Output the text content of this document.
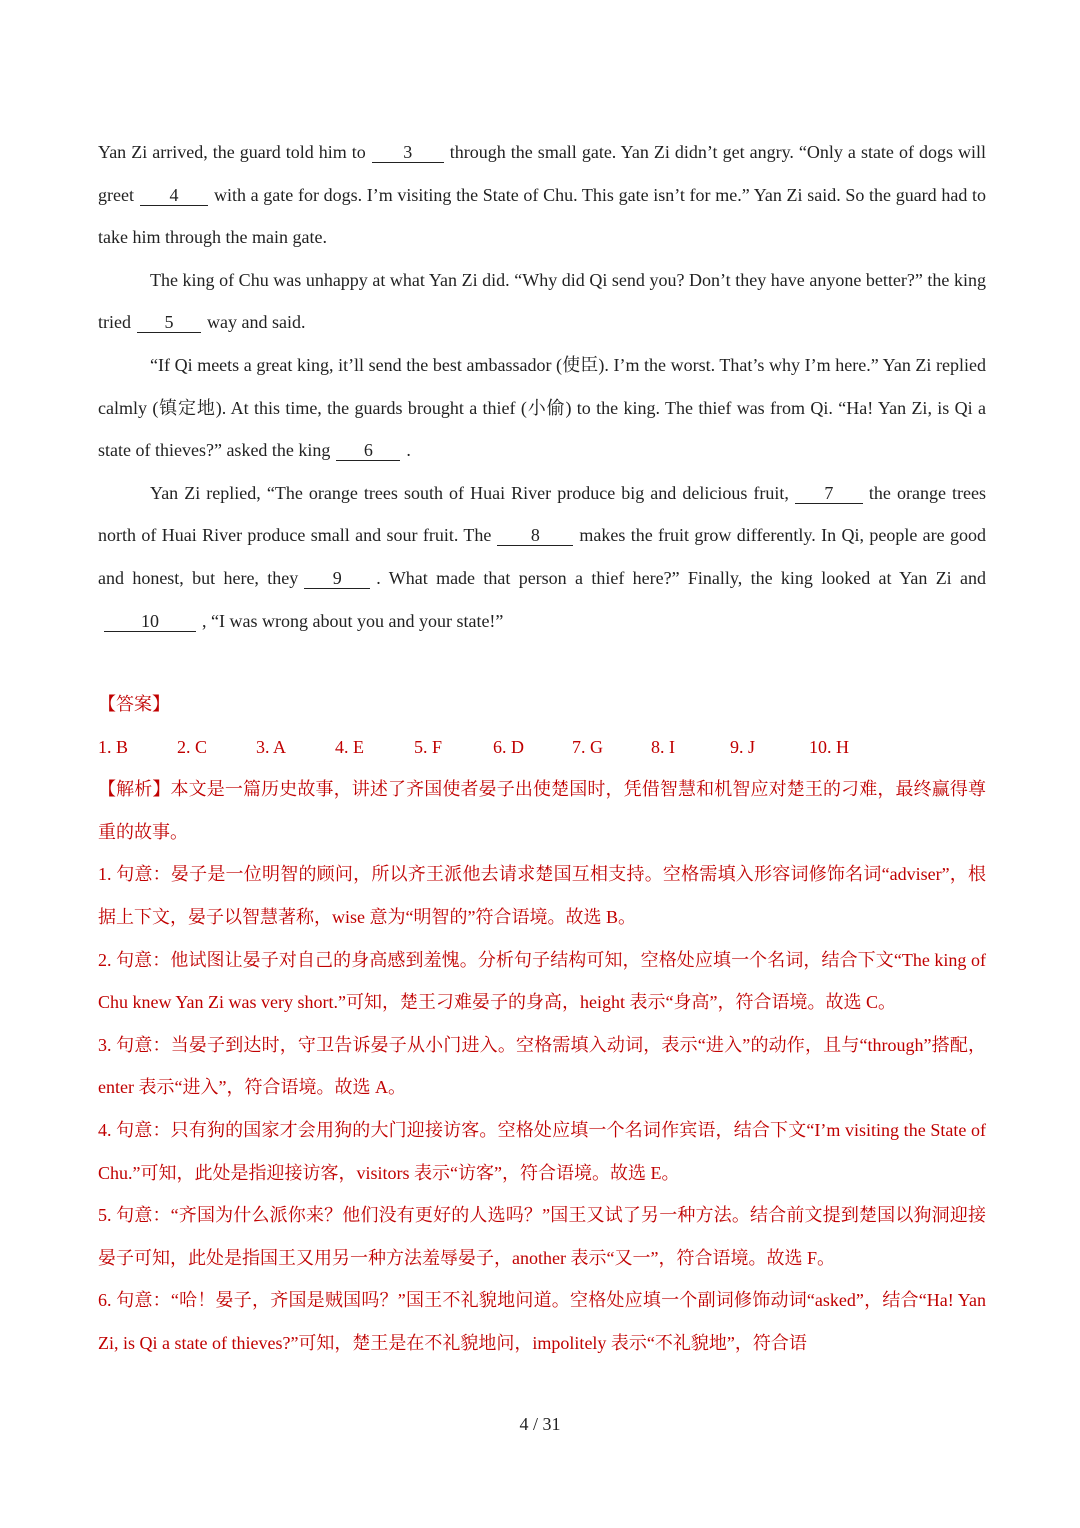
Yan Zi arrived, the guard told him to 3 through the small gate. Yan Zi didn’t get angry. “Only a state of dogs will greet 4 with a gate for dogs. I’m visiting the State of Chu. This gate isn’t for me.” Yan Zi said. So the guard had to take him through the main gate.

The king of Chu was unhappy at what Yan Zi did. “Why did Qi send you? Don’t they have anyone better?” the king tried 5 way and said.

“If Qi meets a great king, it’ll send the best ambassador (使臣). I’m the worst. That’s why I’m here.” Yan Zi replied calmly (镇定地). At this time, the guards brought a thief (小偷) to the king. The thief was from Qi. “Ha! Yan Zi, is Qi a state of thieves?” asked the king 6 .

Yan Zi replied, “The orange trees south of Huai River produce big and delicious fruit, 7 the orange trees north of Huai River produce small and sour fruit. The 8 makes the fruit grow differently. In Qi, people are good and honest, but here, they 9 . What made that person a thief here?” Finally, the king looked at Yan Zi and10 , “I was wrong about you and your state!”

【答案】

1. B	2. C	3. A	4. E	5. F	6. D	7. G	8. I	9. J	10. H

【解析】本文是一篇历史故事，讲述了齐国使者晏子出使楚国时，凭借智慧和机智应对楚王的刁难，最终赢得尊重的故事。

1. 句意：晏子是一位明智的顾问，所以齐王派他去请求楚国互相支持。空格需填入形容词修饰名词“adviser”，根据上下文，晏子以智慧著称，wise 意为“明智的”符合语境。故选 B。

2. 句意：他试图让晏子对自己的身高感到羞愧。分析句子结构可知，空格处应填一个名词，结合下文“The king of Chu knew Yan Zi was very short.”可知，楚王刁难晏子的身高，height 表示“身高”，符合语境。故选 C。

3. 句意：当晏子到达时，守卫告诉晏子从小门进入。空格需填入动词，表示“进入”的动作，且与“through”搭配，enter 表示“进入”，符合语境。故选 A。

4. 句意：只有狗的国家才会用狗的大门迎接访客。空格处应填一个名词作宾语，结合下文“I’m visiting the State of Chu.”可知，此处是指迎接访客，visitors 表示“访客”，符合语境。故选 E。

5. 句意：“齐国为什么派你来？他们没有更好的人选吗？”国王又试了另一种方法。结合前文提到楚国以狗洞迎接晏子可知，此处是指国王又用另一种方法羞辱晏子，another 表示“又一”，符合语境。故选 F。

6. 句意：“哈！晏子，齐国是贼国吗？”国王不礼貌地问道。空格处应填一个副词修饰动词“asked”，结合“Ha! Yan Zi, is Qi a state of thieves?”可知，楚王是在不礼貌地问，impolitely 表示“不礼貌地”，符合语

4 / 31
